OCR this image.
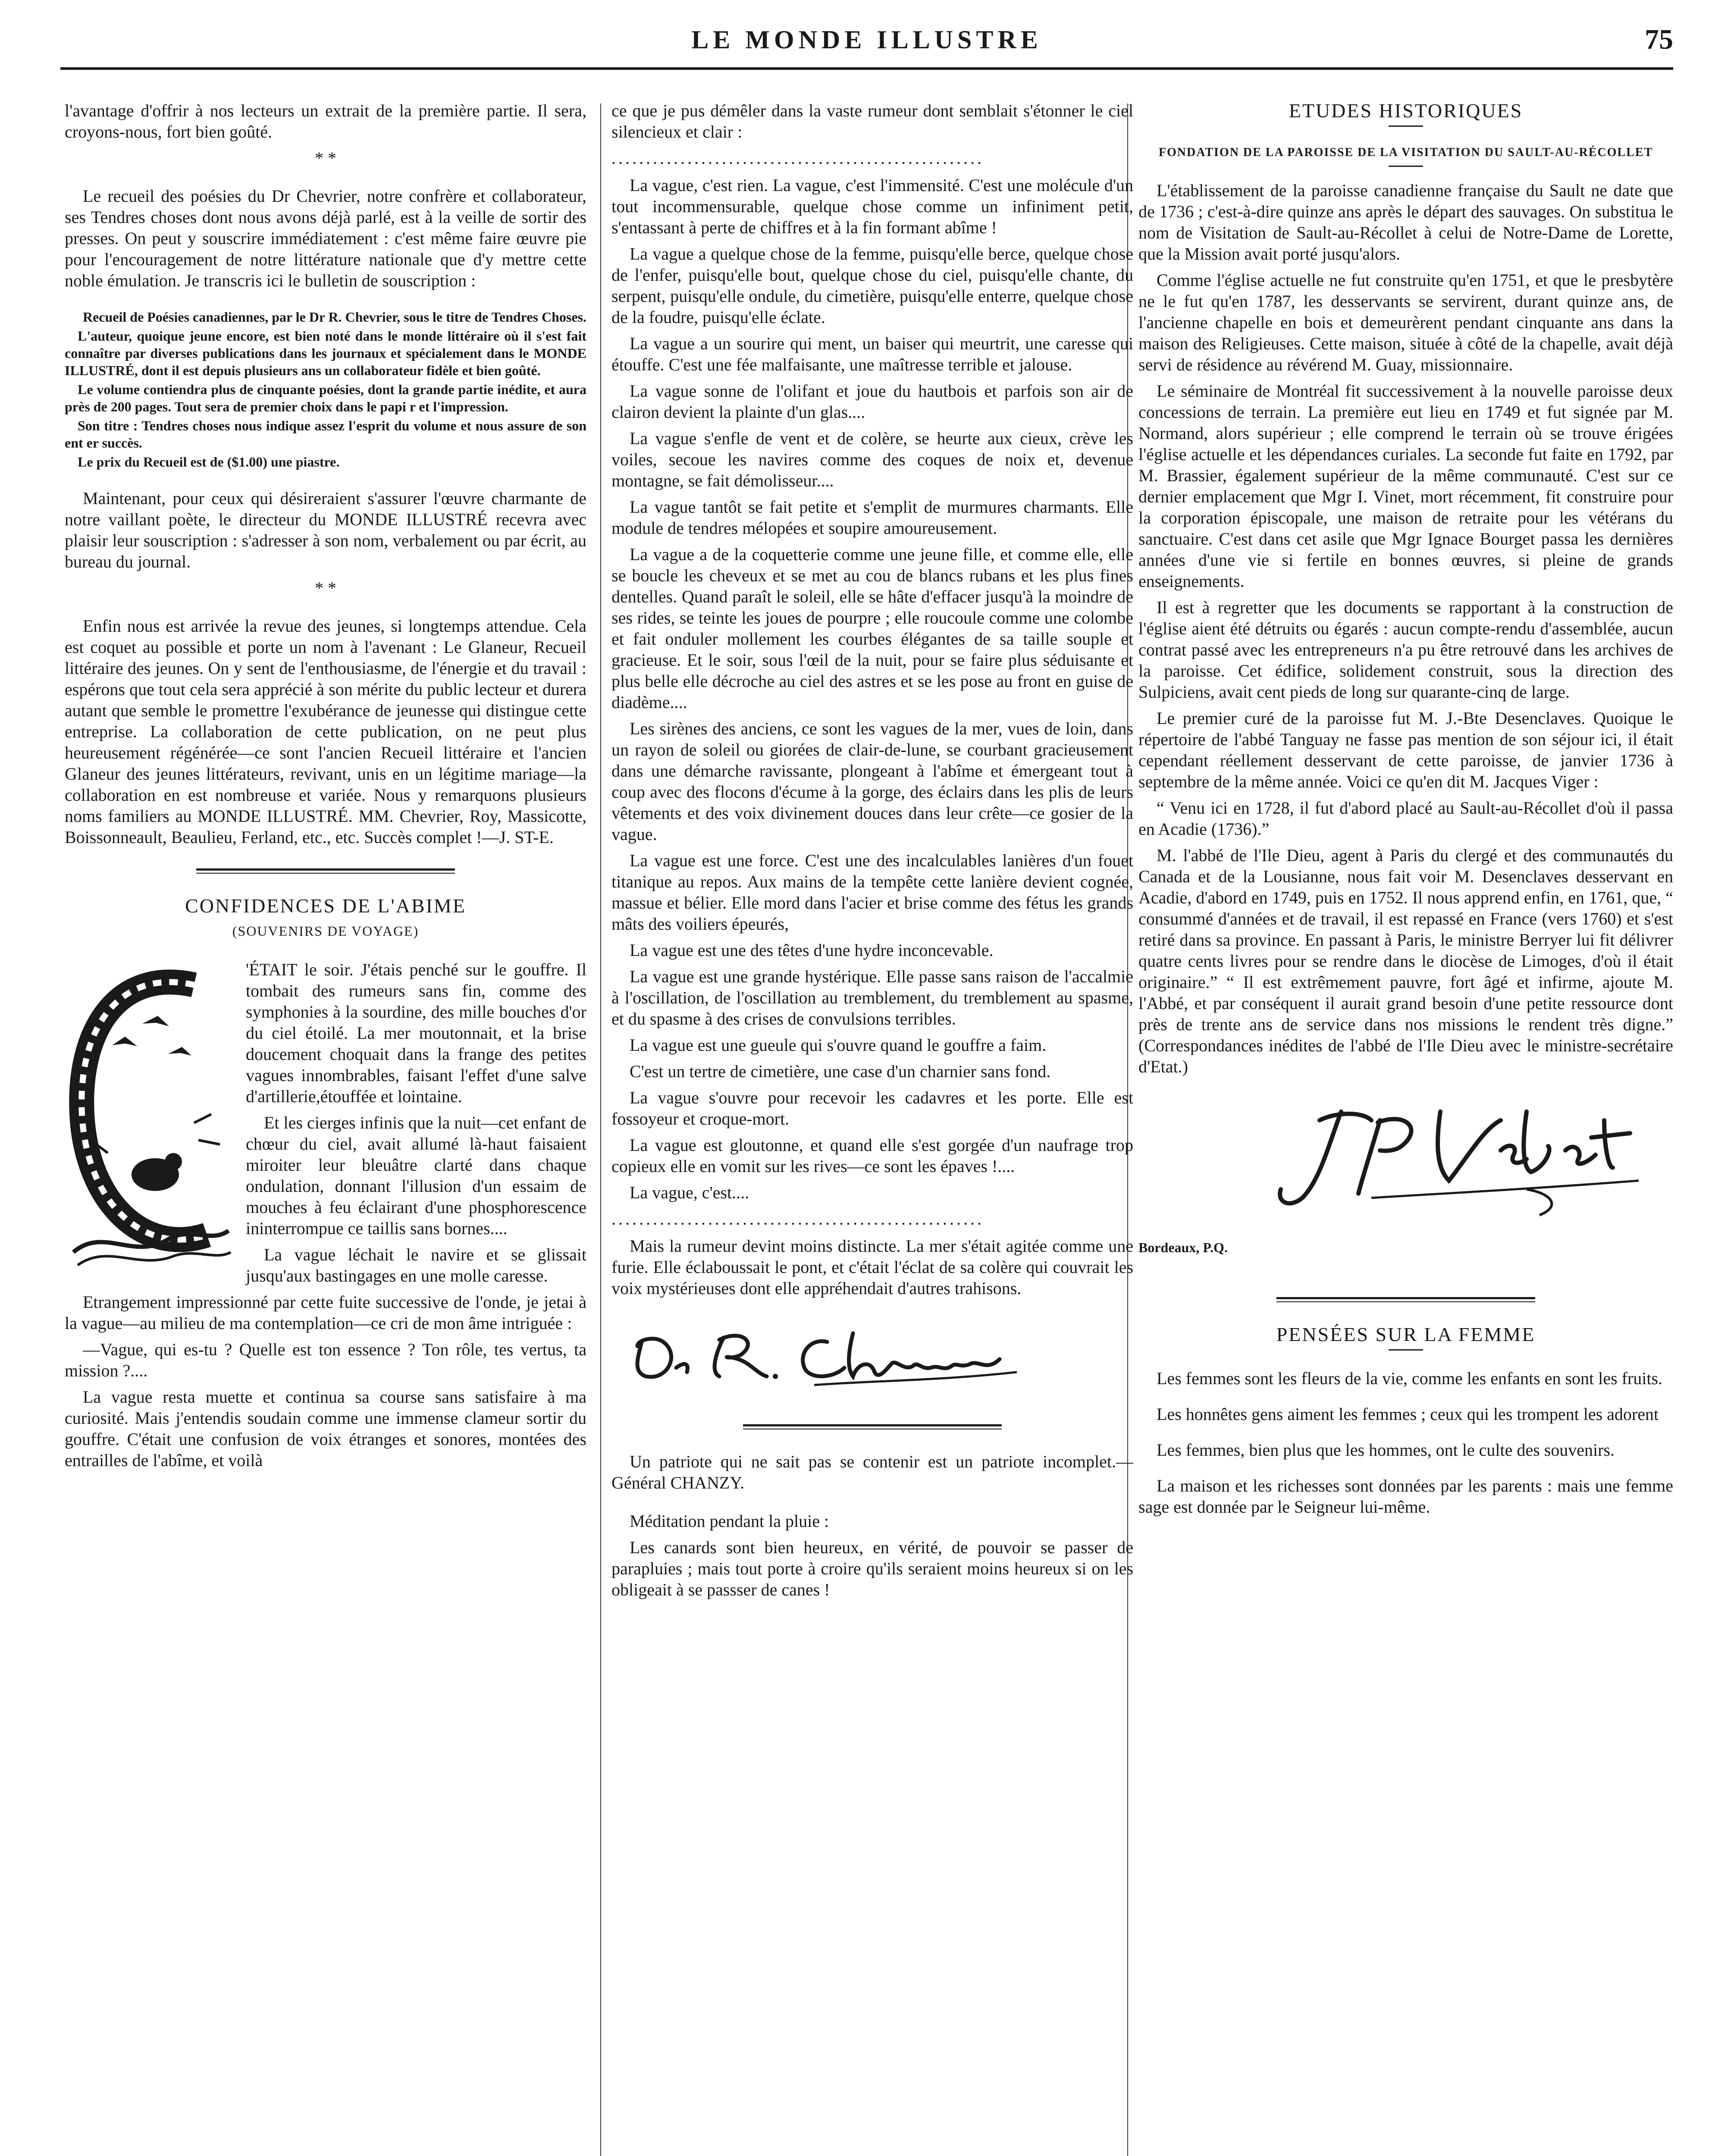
LE MONDE ILLUSTRE	75

l'avantage d'offrir à nos lecteurs un extrait de la première partie. Il sera, croyons-nous, fort bien goûté.

* *

Le recueil des poésies du Dr Chevrier, notre confrère et collaborateur, ses Tendres choses dont nous avons déjà parlé, est à la veille de sortir des presses. On peut y souscrire immédiatement : c'est même faire œuvre pie pour l'encouragement de notre littérature nationale que d'y mettre cette noble émulation. Je transcris ici le bulletin de souscription :

Recueil de Poésies canadiennes, par le Dr R. Chevrier, sous le titre de Tendres Choses.

L'auteur, quoique jeune encore, est bien noté dans le monde littéraire où il s'est fait connaître par diverses publications dans les journaux et spécialement dans le MONDE ILLUSTRÉ, dont il est depuis plusieurs ans un collaborateur fidèle et bien goûté.

Le volume contiendra plus de cinquante poésies, dont la grande partie inédite, et aura près de 200 pages. Tout sera de premier choix dans le papi r et l'impression.

Son titre : Tendres choses nous indique assez l'esprit du volume et nous assure de son ent er succès.

Le prix du Recueil est de ($1.00) une piastre.

Maintenant, pour ceux qui désireraient s'assurer l'œuvre charmante de notre vaillant poète, le directeur du MONDE ILLUSTRÉ recevra avec plaisir leur souscription : s'adresser à son nom, verbalement ou par écrit, au bureau du journal.

* *

Enfin nous est arrivée la revue des jeunes, si longtemps attendue. Cela est coquet au possible et porte un nom à l'avenant : Le Glaneur, Recueil littéraire des jeunes. On y sent de l'enthousiasme, de l'énergie et du travail : espérons que tout cela sera apprécié à son mérite du public lecteur et durera autant que semble le promettre l'exubérance de jeunesse qui distingue cette entreprise. La collaboration de cette publication, on ne peut plus heureusement régénérée—ce sont l'ancien Recueil littéraire et l'ancien Glaneur des jeunes littérateurs, revivant, unis en un légitime mariage—la collaboration en est nombreuse et variée. Nous y remarquons plusieurs noms familiers au MONDE ILLUSTRÉ. MM. Chevrier, Roy, Massicotte, Boissonneault, Beaulieu, Ferland, etc., etc. Succès complet !—J. ST-E.

CONFIDENCES DE L'ABIME
(SOUVENIRS DE VOYAGE)

'ÉTAIT le soir. J'étais penché sur le gouffre. Il tombait des rumeurs sans fin, comme des symphonies à la sourdine, des mille bouches d'or du ciel étoilé. La mer moutonnait, et la brise doucement choquait dans la frange des petites vagues innombrables, faisant l'effet d'une salve d'artillerie,étouffée et lointaine.

Et les cierges infinis que la nuit—cet enfant de chœur du ciel, avait allumé là-haut faisaient miroiter leur bleuâtre clarté dans chaque ondulation, donnant l'illusion d'un essaim de mouches à feu éclairant d'une phosphorescence ininterrompue ce taillis sans bornes....

La vague léchait le navire et se glissait jusqu'aux bastingages en une molle caresse.

Etrangement impressionné par cette fuite successive de l'onde, je jetai à la vague—au milieu de ma contemplation—ce cri de mon âme intriguée :

—Vague, qui es-tu ? Quelle est ton essence ? Ton rôle, tes vertus, ta mission ?....

La vague resta muette et continua sa course sans satisfaire à ma curiosité. Mais j'entendis soudain comme une immense clameur sortir du gouffre. C'était une confusion de voix étranges et sonores, montées des entrailles de l'abîme, et voilà

ce que je pus démêler dans la vaste rumeur dont semblait s'étonner le ciel silencieux et clair :

......................................................

La vague, c'est rien. La vague, c'est l'immensité. C'est une molécule d'un tout incommensurable, quelque chose comme un infiniment petit, s'entassant à perte de chiffres et à la fin formant abîme !

La vague a quelque chose de la femme, puisqu'elle berce, quelque chose de l'enfer, puisqu'elle bout, quelque chose du ciel, puisqu'elle chante, du serpent, puisqu'elle ondule, du cimetière, puisqu'elle enterre, quelque chose de la foudre, puisqu'elle éclate.

La vague a un sourire qui ment, un baiser qui meurtrit, une caresse qui étouffe. C'est une fée malfaisante, une maîtresse terrible et jalouse.

La vague sonne de l'olifant et joue du hautbois et parfois son air de clairon devient la plainte d'un glas....

La vague s'enfle de vent et de colère, se heurte aux cieux, crève les voiles, secoue les navires comme des coques de noix et, devenue montagne, se fait démolisseur....

La vague tantôt se fait petite et s'emplit de murmures charmants. Elle module de tendres mélopées et soupire amoureusement.

La vague a de la coquetterie comme une jeune fille, et comme elle, elle se boucle les cheveux et se met au cou de blancs rubans et les plus fines dentelles. Quand paraît le soleil, elle se hâte d'effacer jusqu'à la moindre de ses rides, se teinte les joues de pourpre ; elle roucoule comme une colombe et fait onduler mollement les courbes élégantes de sa taille souple et gracieuse. Et le soir, sous l'œil de la nuit, pour se faire plus séduisante et plus belle elle décroche au ciel des astres et se les pose au front en guise de diadème....

Les sirènes des anciens, ce sont les vagues de la mer, vues de loin, dans un rayon de soleil ou giorées de clair-de-lune, se courbant gracieusement dans une démarche ravissante, plongeant à l'abîme et émergeant tout à coup avec des flocons d'écume à la gorge, des éclairs dans les plis de leurs vêtements et des voix divinement douces dans leur crête—ce gosier de la vague.

La vague est une force. C'est une des incalculables lanières d'un fouet titanique au repos. Aux mains de la tempête cette lanière devient cognée, massue et bélier. Elle mord dans l'acier et brise comme des fétus les grands mâts des voiliers épeurés,

La vague est une des têtes d'une hydre inconcevable.

La vague est une grande hystérique. Elle passe sans raison de l'accalmie à l'oscillation, de l'oscillation au tremblement, du tremblement au spasme, et du spasme à des crises de convulsions terribles.

La vague est une gueule qui s'ouvre quand le gouffre a faim.

C'est un tertre de cimetière, une case d'un charnier sans fond.

La vague s'ouvre pour recevoir les cadavres et les porte. Elle est fossoyeur et croque-mort.

La vague est gloutonne, et quand elle s'est gorgée d'un naufrage trop copieux elle en vomit sur les rives—ce sont les épaves !....

La vague, c'est....

......................................................

Mais la rumeur devint moins distincte. La mer s'était agitée comme une furie. Elle éclaboussait le pont, et c'était l'éclat de sa colère qui couvrait les voix mystérieuses dont elle appréhendait d'autres trahisons.

Un patriote qui ne sait pas se contenir est un patriote incomplet.—Général CHANZY.

Méditation pendant la pluie :

Les canards sont bien heureux, en vérité, de pouvoir se passer de parapluies ; mais tout porte à croire qu'ils seraient moins heureux si on les obligeait à se passser de canes !

ETUDES HISTORIQUES
FONDATION DE LA PAROISSE DE LA VISITATION DU SAULT-AU-RÉCOLLET

L'établissement de la paroisse canadienne française du Sault ne date que de 1736 ; c'est-à-dire quinze ans après le départ des sauvages. On substitua le nom de Visitation de Sault-au-Récollet à celui de Notre-Dame de Lorette, que la Mission avait porté jusqu'alors.

Comme l'église actuelle ne fut construite qu'en 1751, et que le presbytère ne le fut qu'en 1787, les desservants se servirent, durant quinze ans, de l'ancienne chapelle en bois et demeurèrent pendant cinquante ans dans la maison des Religieuses. Cette maison, située à côté de la chapelle, avait déjà servi de résidence au révérend M. Guay, missionnaire.

Le séminaire de Montréal fit successivement à la nouvelle paroisse deux concessions de terrain. La première eut lieu en 1749 et fut signée par M. Normand, alors supérieur ; elle comprend le terrain où se trouve érigées l'église actuelle et les dépendances curiales. La seconde fut faite en 1792, par M. Brassier, également supérieur de la même communauté. C'est sur ce dernier emplacement que Mgr I. Vinet, mort récemment, fit construire pour la corporation épiscopale, une maison de retraite pour les vétérans du sanctuaire. C'est dans cet asile que Mgr Ignace Bourget passa les dernières années d'une vie si fertile en bonnes œuvres, si pleine de grands enseignements.

Il est à regretter que les documents se rapportant à la construction de l'église aient été détruits ou égarés : aucun compte-rendu d'assemblée, aucun contrat passé avec les entrepreneurs n'a pu être retrouvé dans les archives de la paroisse. Cet édifice, solidement construit, sous la direction des Sulpiciens, avait cent pieds de long sur quarante-cinq de large.

Le premier curé de la paroisse fut M. J.-Bte Desenclaves. Quoique le répertoire de l'abbé Tanguay ne fasse pas mention de son séjour ici, il était cependant réellement desservant de cette paroisse, de janvier 1736 à septembre de la même année. Voici ce qu'en dit M. Jacques Viger :

“ Venu ici en 1728, il fut d'abord placé au Sault-au-Récollet d'où il passa en Acadie (1736).”

M. l'abbé de l'Ile Dieu, agent à Paris du clergé et des communautés du Canada et de la Lousianne, nous fait voir M. Desenclaves desservant en Acadie, d'abord en 1749, puis en 1752. Il nous apprend enfin, en 1761, que, “ consummé d'années et de travail, il est repassé en France (vers 1760) et s'est retiré dans sa province. En passant à Paris, le ministre Berryer lui fit délivrer quatre cents livres pour se rendre dans le diocèse de Limoges, d'où il était originaire.” “ Il est extrêmement pauvre, fort âgé et infirme, ajoute M. l'Abbé, et par conséquent il aurait grand besoin d'une petite ressource dont près de trente ans de service dans nos missions le rendent très digne.” (Correspondances inédites de l'abbé de l'Ile Dieu avec le ministre-secrétaire d'Etat.)

Bordeaux, P.Q.
PENSÉES SUR LA FEMME

Les femmes sont les fleurs de la vie, comme les enfants en sont les fruits.

Les honnêtes gens aiment les femmes ; ceux qui les trompent les adorent

Les femmes, bien plus que les hommes, ont le culte des souvenirs.

La maison et les richesses sont données par les parents : mais une femme sage est donnée par le Seigneur lui-même.
